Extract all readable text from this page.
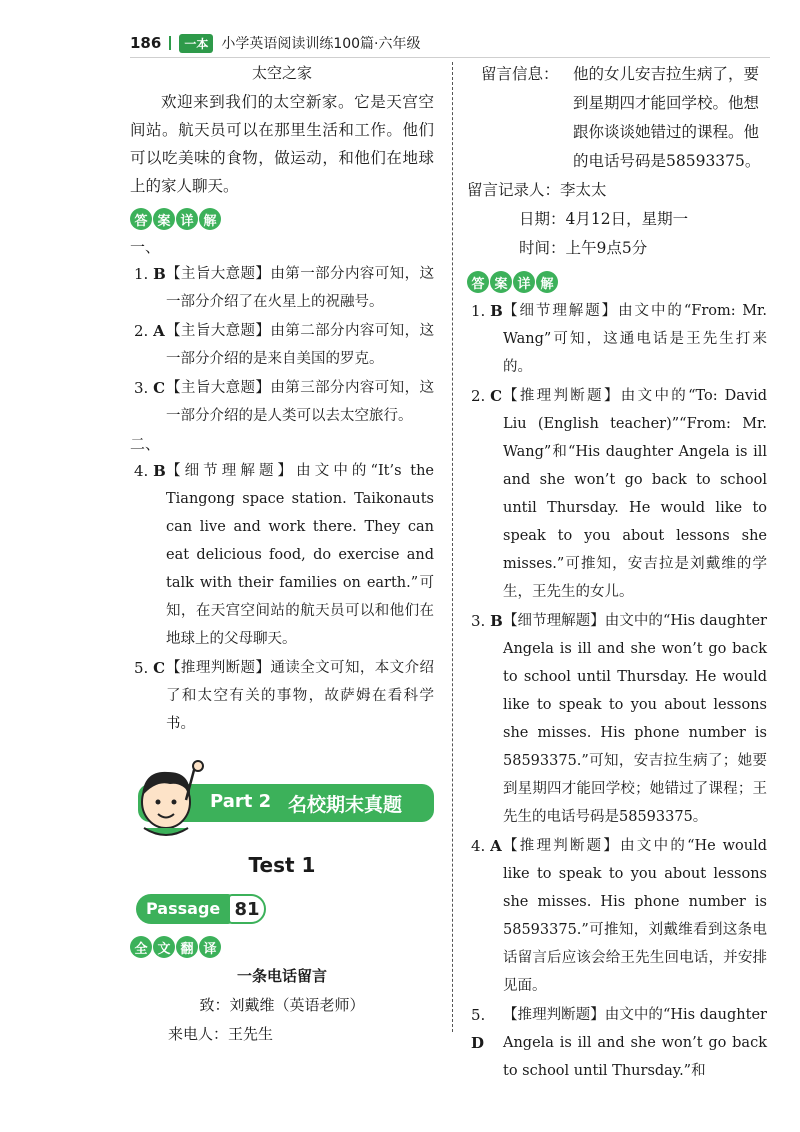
186	一本 小学英语阅读训练100篇·六年级

太空之家

欢迎来到我们的太空新家。它是天宫空间站。航天员可以在那里生活和工作。他们可以吃美味的食物，做运动，和他们在地球上的家人聊天。

答 案 详 解

一、

1. B 【主旨大意题】由第一部分内容可知，这一部分介绍了在火星上的祝融号。
2. A 【主旨大意题】由第二部分内容可知，这一部分介绍的是来自美国的罗克。
3. C 【主旨大意题】由第三部分内容可知，这一部分介绍的是人类可以去太空旅行。

二、

4. B 【细节理解题】由文中的“It’s the Tiangong space station. Taikonauts can live and work there. They can eat delicious food, do exercise and talk with their families on earth.”可知，在天宫空间站的航天员可以和他们在地球上的父母聊天。
5. C 【推理判断题】通读全文可知，本文介绍了和太空有关的事物，故萨姆在看科学书。
Part 2 名校期末真题
Test 1
Passage 81
全 文 翻 译

一条电话留言

致：刘戴维（英语老师）

来电人：王先生

留言信息： 他的女儿安吉拉生病了，要到星期四才能回学校。他想跟你谈谈她错过的课程。他的电话号码是58593375。

留言记录人：李太太

日期：4月12日，星期一

时间：上午9点5分

答 案 详 解
1. B 【细节理解题】由文中的“From: Mr. Wang”可知，这通电话是王先生打来的。
2. C 【推理判断题】由文中的“To: David Liu (English teacher)”“From: Mr. Wang”和“His daughter Angela is ill and she won’t go back to school until Thursday. He would like to speak to you about lessons she misses.”可推知，安吉拉是刘戴维的学生，王先生的女儿。
3. B 【细节理解题】由文中的“His daughter Angela is ill and she won’t go back to school until Thursday. He would like to speak to you about lessons she misses. His phone number is 58593375.”可知，安吉拉生病了；她要到星期四才能回学校；她错过了课程；王先生的电话号码是58593375。
4. A 【推理判断题】由文中的“He would like to speak to you about lessons she misses. His phone number is 58593375.”可推知，刘戴维看到这条电话留言后应该会给王先生回电话，并安排见面。
5. D
【推理判断题】由文中的“His daughter Angela is ill and she won’t go back to school until Thursday.”和
